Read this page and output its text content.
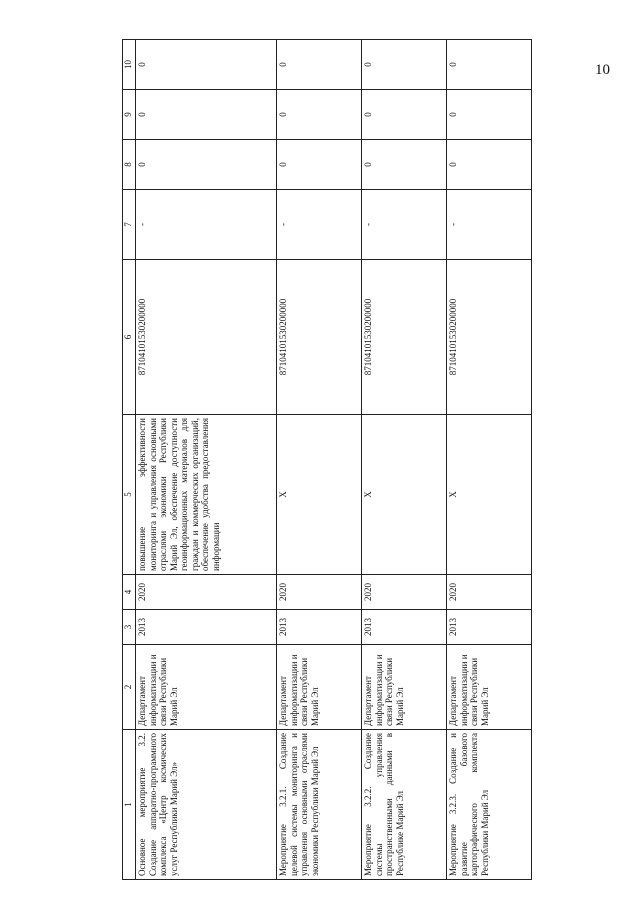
10
1	2	3	4	5	6	7	8	9	10
Основное мероприятие 3.2. Создание аппаратно-программного комплекса «Центр космических услуг Республики Марий Эл»	Департамент информатизации и связи Республики Марий Эл	2013	2020	повышение эффективности мониторинга и управления основными отраслями экономики Республики Марий Эл, обеспечение доступности геоинформационных материалов для граждан и коммерческих организаций, обеспечение удобства предоставления информации	87104101530200000	-	0	0	0
Мероприятие 3.2.1. Создание целевой системы мониторинга и управления основными отраслями экономики Республики Марий Эл	Департамент информатизации и связи Республики Марий Эл	2013	2020	X	87104101530200000	-	0	0	0
Мероприятие 3.2.2. Создание системы управления пространственными данными в Республике Марий Эл	Департамент информатизации и связи Республики Марий Эл	2013	2020	X	87104101530200000	-	0	0	0
Мероприятие 3.2.3. Создание и развитие базового картографического комплекта Республики Марий Эл	Департамент информатизации и связи Республики Марий Эл	2013	2020	X	87104101530200000	-	0	0	0
